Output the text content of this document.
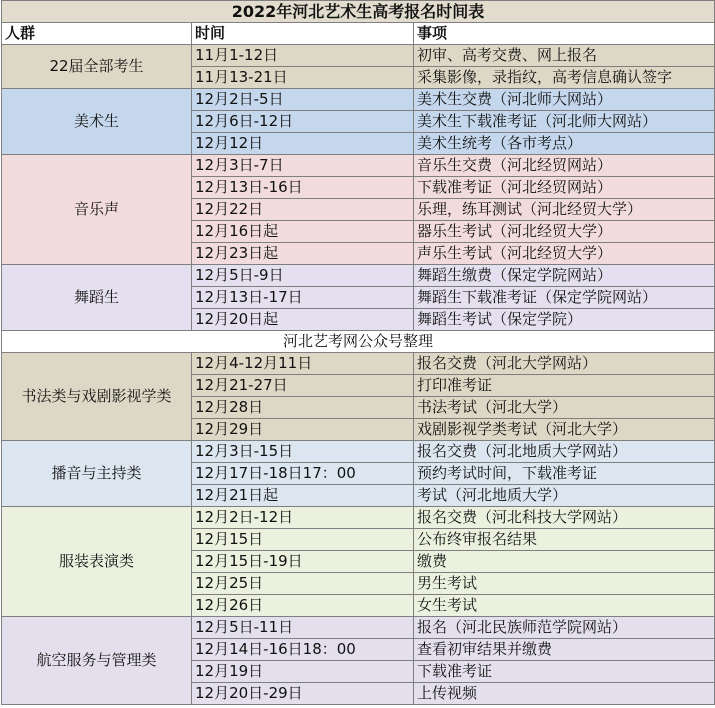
2022年河北艺术生高考报名时间表		
人群	时间	事项
22届全部考生	11月1-12日	初审、高考交费、网上报名
	11月13-21日	采集影像，录指纹，高考信息确认签字
美术生	12月2日-5日	美术生交费（河北师大网站）
	12月6日-12日	美术生下载准考证（河北师大网站）
	12月12日	美术生统考（各市考点）
音乐声	12月3日-7日	音乐生交费（河北经贸网站）
	12月13日-16日	下载准考证（河北经贸网站）
	12月22日	乐理，练耳测试（河北经贸大学）
	12月16日起	器乐生考试（河北经贸大学）
	12月23日起	声乐生考试（河北经贸大学）
舞蹈生	12月5日-9日	舞蹈生缴费（保定学院网站）
	12月13日-17日	舞蹈生下载准考证（保定学院网站）
	12月20日起	舞蹈生考试（保定学院）
河北艺考网公众号整理		
书法类与戏剧影视学类	12月4-12月11日	报名交费（河北大学网站）
	12月21-27日	打印准考证
	12月28日	书法考试（河北大学）
	12月29日	戏剧影视学类考试（河北大学）
播音与主持类	12月3日-15日	报名交费（河北地质大学网站）
	12月17日-18日17：00	预约考试时间，下载准考证
	12月21日起	考试（河北地质大学）
服装表演类	12月2日-12日	报名交费（河北科技大学网站）
	12月15日	公布终审报名结果
	12月15日-19日	缴费
	12月25日	男生考试
	12月26日	女生考试
航空服务与管理类	12月5日-11日	报名（河北民族师范学院网站）
	12月14日-16日18：00	查看初审结果并缴费
	12月19日	下载准考证
	12月20日-29日	上传视频
